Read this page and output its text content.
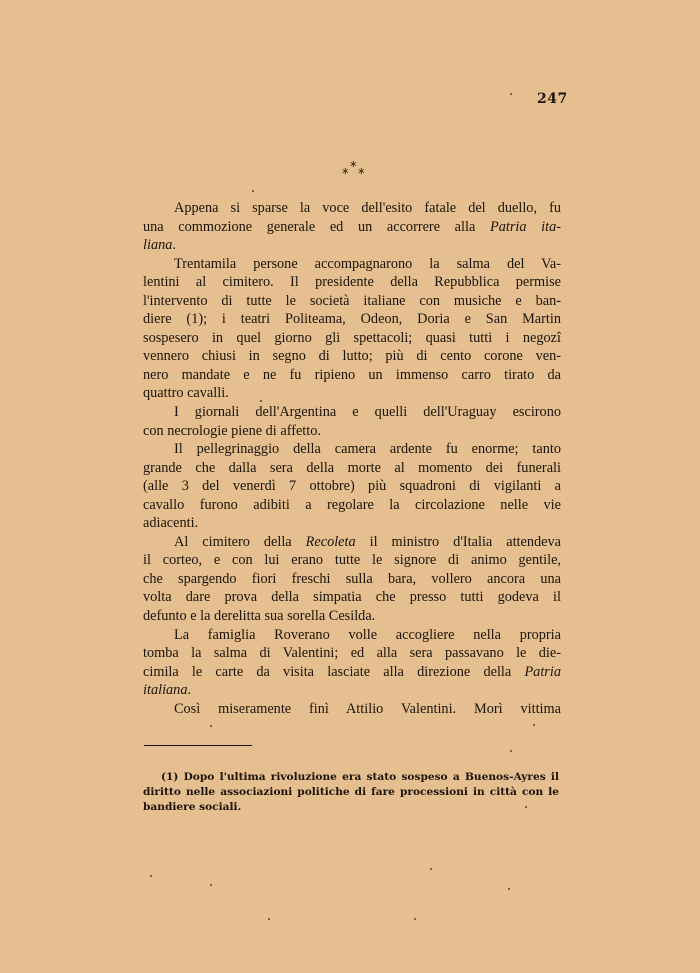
247
*
* *
Appena si sparse la voce dell'esito fatale del duello, fu
una commozione generale ed un accorrere alla Patria ita-
liana.
Trentamila persone accompagnarono la salma del Va-
lentini al cimitero. Il presidente della Repubblica permise
l'intervento di tutte le società italiane con musiche e ban-
diere (1); i teatri Politeama, Odeon, Doria e San Martin
sospesero in quel giorno gli spettacoli; quasi tutti i negozî
vennero chiusi in segno di lutto; più di cento corone ven-
nero mandate e ne fu ripieno un immenso carro tirato da
quattro cavalli.
I giornali dell'Argentina e quelli dell'Uraguay escirono
con necrologie piene di affetto.
Il pellegrinaggio della camera ardente fu enorme; tanto
grande che dalla sera della morte al momento dei funerali
(alle 3 del venerdì 7 ottobre) più squadroni di vigilanti a
cavallo furono adibiti a regolare la circolazione nelle vie
adiacenti.
Al cimitero della Recoleta il ministro d'Italia attendeva
il corteo, e con lui erano tutte le signore di animo gentile,
che spargendo fiori freschi sulla bara, vollero ancora una
volta dare prova della simpatia che presso tutti godeva il
defunto e la derelitta sua sorella Cesilda.
La famiglia Roverano volle accogliere nella propria
tomba la salma di Valentini; ed alla sera passavano le die-
cimila le carte da visita lasciate alla direzione della Patria
italiana.
Così miseramente finì Attilio Valentini. Morì vittima
(1) Dopo l'ultima rivoluzione era stato sospeso a Buenos-Ayres il
diritto nelle associazioni politiche di fare processioni in città con le
bandiere sociali.
